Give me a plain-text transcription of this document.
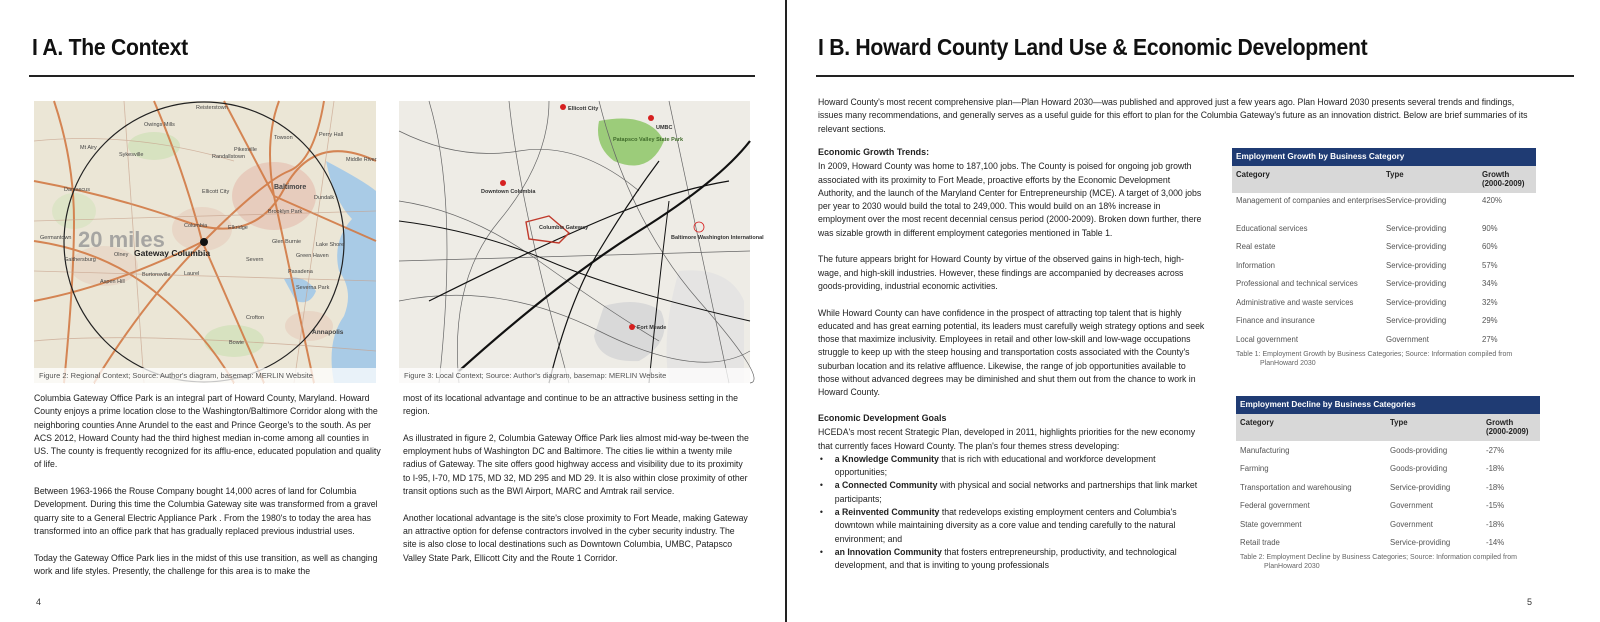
I A. The Context
20 miles
Gateway Columbia
Reisterstown
Owings Mills
Pikesville
Towson	Perry Hall
Mt Airy
Sykesville	Randallstown	Middle River
Ellicott City
Baltimore
Dundalk
Damascus
Columbia	Elkridge
Brooklyn Park
Germantown
Gaithersburg
Olney
Glen Burnie	Lake Shore
Pasadena
Severna Park
Aspen Hill
Burtonsville Laurel
Severn
Green Haven
Crofton
Annapolis
Bowie
Figure 2: Regional Context; Source: Author's diagram, basemap: MERLIN Website
Ellicott City
UMBC
Patapsco Valley State Park
Downtown Columbia
Columbia Gateway
Baltimore Washington International
Fort Meade
Figure 3: Local Context; Source: Author's diagram, basemap: MERLIN Website

Columbia Gateway Office Park is an integral part of Howard County, Maryland. Howard County enjoys a prime location close to the Washington/Baltimore Corridor along with the neighboring counties Anne Arundel to the east and Prince George's to the south. As per ACS 2012, Howard County had the third highest median in-come among all counties in US. The county is frequently recognized for its afflu-ence, educated population and quality of life.

Between 1963-1966 the Rouse Company bought 14,000 acres of land for Columbia Development. During this time the Columbia Gateway site was transformed from a gravel quarry site to a General Electric Appliance Park . From the 1980's to today the area has transformed into an office park that has gradually replaced previous industrial uses.

Today the Gateway Office Park lies in the midst of this use transition, as well as changing work and life styles. Presently, the challenge for this area is to make the

most of its locational advantage and continue to be an attractive business setting in the region.

As illustrated in figure 2, Columbia Gateway Office Park lies almost mid-way be-tween the employment hubs of Washington DC and Baltimore. The cities lie within a twenty mile radius of Gateway. The site offers good highway access and visibility due to its proximity to I-95, I-70, MD 175, MD 32, MD 295 and MD 29. It is also within close proximity of other transit options such as the BWI Airport, MARC and Amtrak rail service.

Another locational advantage is the site's close proximity to Fort Meade, making Gateway an attractive option for defense contractors involved in the cyber security industry. The site is also close to local destinations such as Downtown Columbia, UMBC, Patapsco Valley State Park, Ellicott City and the Route 1 Corridor.

4
I B. Howard County Land Use & Economic Development
Howard County's most recent comprehensive plan—Plan Howard 2030—was published and approved just a few years ago. Plan Howard 2030 presents several trends and findings, issues many recommendations, and generally serves as a useful guide for this effort to plan for the Columbia Gateway's future as an innovation district. Below are brief summaries of its relevant sections.
Economic Growth Trends:

In 2009, Howard County was home to 187,100 jobs. The County is poised for ongoing job growth associated with its proximity to Fort Meade, proactive efforts by the Economic Development Authority, and the launch of the Maryland Center for Entrepreneurship (MCE). A target of 3,000 jobs per year to 2030 would build the total to 249,000. This would build on an 18% increase in employment over the most recent decennial census period (2000-2009). Broken down further, there was sizable growth in different employment categories mentioned in Table 1.

The future appears bright for Howard County by virtue of the observed gains in high-tech, high-wage, and high-skill industries. However, these findings are accompanied by decreases across goods-providing, industrial economic activities.

While Howard County can have confidence in the prospect of attracting top talent that is highly educated and has great earning potential, its leaders must carefully weigh strategy options and seek those that maximize inclusivity. Employees in retail and other low-skill and low-wage occupations struggle to keep up with the steep housing and transportation costs associated with the County's suburban location and its relative affluence. Likewise, the range of job opportunities available to those without advanced degrees may be diminished and shut them out from the chance to work in Howard County.

Economic Development Goals
HCEDA's most recent Strategic Plan, developed in 2011, highlights priorities for the new economy that currently faces Howard County. The plan's four themes stress developing:
• a Knowledge Community that is rich with educational and workforce development opportunities;
• a Connected Community with physical and social networks and partnerships that link market participants;
• a Reinvented Community that redevelops existing employment centers and Columbia's downtown while maintaining diversity as a core value and tending carefully to the natural environment; and
• an Innovation Community that fosters entrepreneurship, productivity, and technological development, and that is inviting to young professionals
Employment Growth by Business Category
Category	Type	Growth (2000-2009)
Management of companies and enterprises Service-providing	420%
Educational services	Service-providing	90%
Real estate	Service-providing	60%
Information	Service-providing	57%
Professional and technical services	Service-providing	34%
Administrative and waste services	Service-providing	32%
Finance and insurance	Service-providing	29%
Local government	Government	27%
Table 1: Employment Growth by Business Categories; Source: Information compiled from
PlanHoward 2030
Employment Decline by Business Categories
Category	Type	Growth (2000-2009)
Manufacturing	Goods-providing	-27%
Farming	Goods-providing	-18%
Transportation and warehousing	Service-providing	-18%
Federal government	Government	-15%
State government	Government	-18%
Retail trade	Service-providing	-14%
Table 2: Employment Decline by Business Categories; Source: Information compiled from
PlanHoward 2030
5
